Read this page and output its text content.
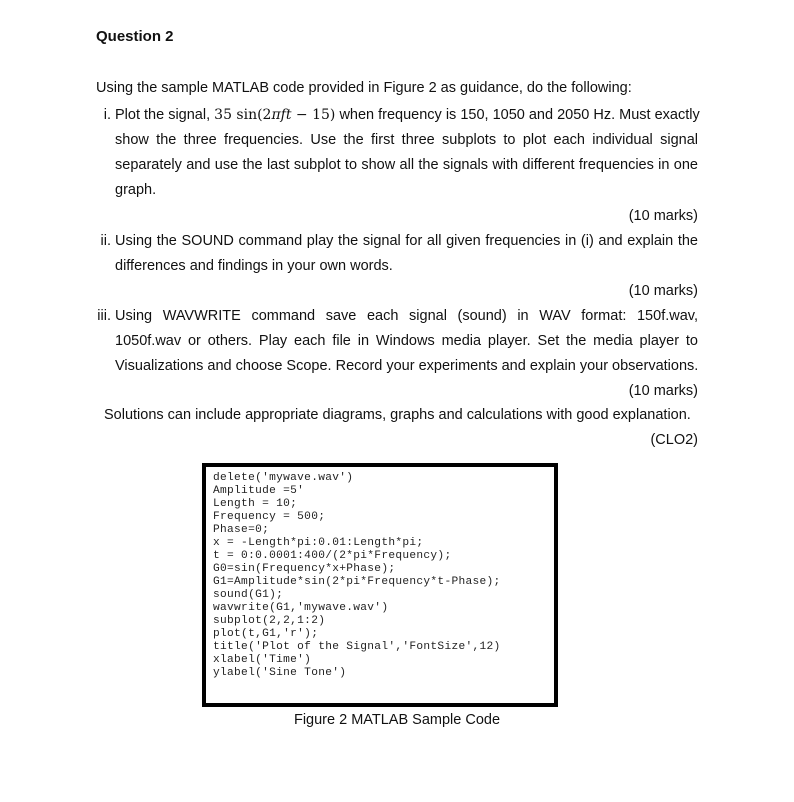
Question 2
Using the sample MATLAB code provided in Figure 2 as guidance, do the following:
i. Plot the signal, 35 sin(2πft − 15) when frequency is 150, 1050 and 2050 Hz. Must exactly
show the three frequencies. Use the first three subplots to plot each individual signal
separately and use the last subplot to show all the signals with different frequencies in one
graph.
(10 marks)
ii. Using the SOUND command play the signal for all given frequencies in (i) and explain the
differences and findings in your own words.
(10 marks)
iii. Using WAVWRITE command save each signal (sound) in WAV format: 150f.wav,
1050f.wav or others. Play each file in Windows media player. Set the media player to
Visualizations and choose Scope. Record your experiments and explain your observations.
(10 marks)
Solutions can include appropriate diagrams, graphs and calculations with good explanation.
(CLO2)
delete('mywave.wav')
Amplitude =5'
Length = 10;
Frequency = 500;
Phase=0;
x = -Length*pi:0.01:Length*pi;
t = 0:0.0001:400/(2*pi*Frequency);
G0=sin(Frequency*x+Phase);
G1=Amplitude*sin(2*pi*Frequency*t-Phase);
sound(G1);
wavwrite(G1,'mywave.wav')
subplot(2,2,1:2)
plot(t,G1,'r');
title('Plot of the Signal','FontSize',12)
xlabel('Time')
ylabel('Sine Tone')
Figure 2 MATLAB Sample Code
